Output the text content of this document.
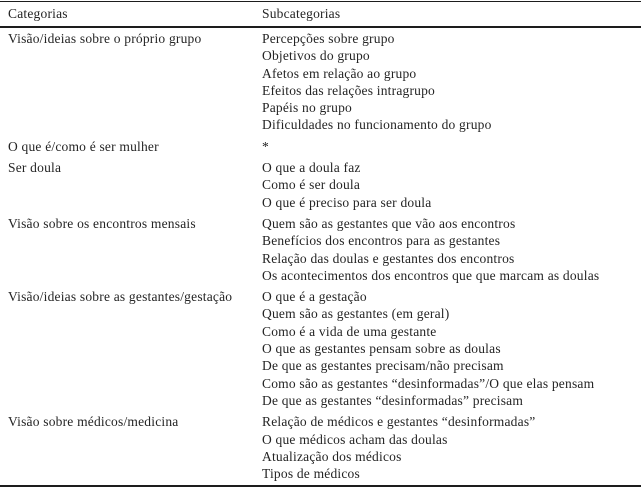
Categorias	Subcategorias
Visão/ideias sobre o próprio grupo	Percepções sobre grupo
Objetivos do grupo
Afetos em relação ao grupo
Efeitos das relações intragrupo
Papéis no grupo
Dificuldades no funcionamento do grupo

O que é/como é ser mulher	*

Ser doula	O que a doula faz
Como é ser doula
O que é preciso para ser doula

Visão sobre os encontros mensais	Quem são as gestantes que vão aos encontros
Benefícios dos encontros para as gestantes
Relação das doulas e gestantes dos encontros
Os acontecimentos dos encontros que que marcam as doulas

Visão/ideias sobre as gestantes/gestação	O que é a gestação
Quem são as gestantes (em geral)
Como é a vida de uma gestante
O que as gestantes pensam sobre as doulas
De que as gestantes precisam/não precisam
Como são as gestantes “desinformadas”/O que elas pensam
De que as gestantes “desinformadas” precisam

Visão sobre médicos/medicina	Relação de médicos e gestantes “desinformadas”
O que médicos acham das doulas
Atualização dos médicos
Tipos de médicos
